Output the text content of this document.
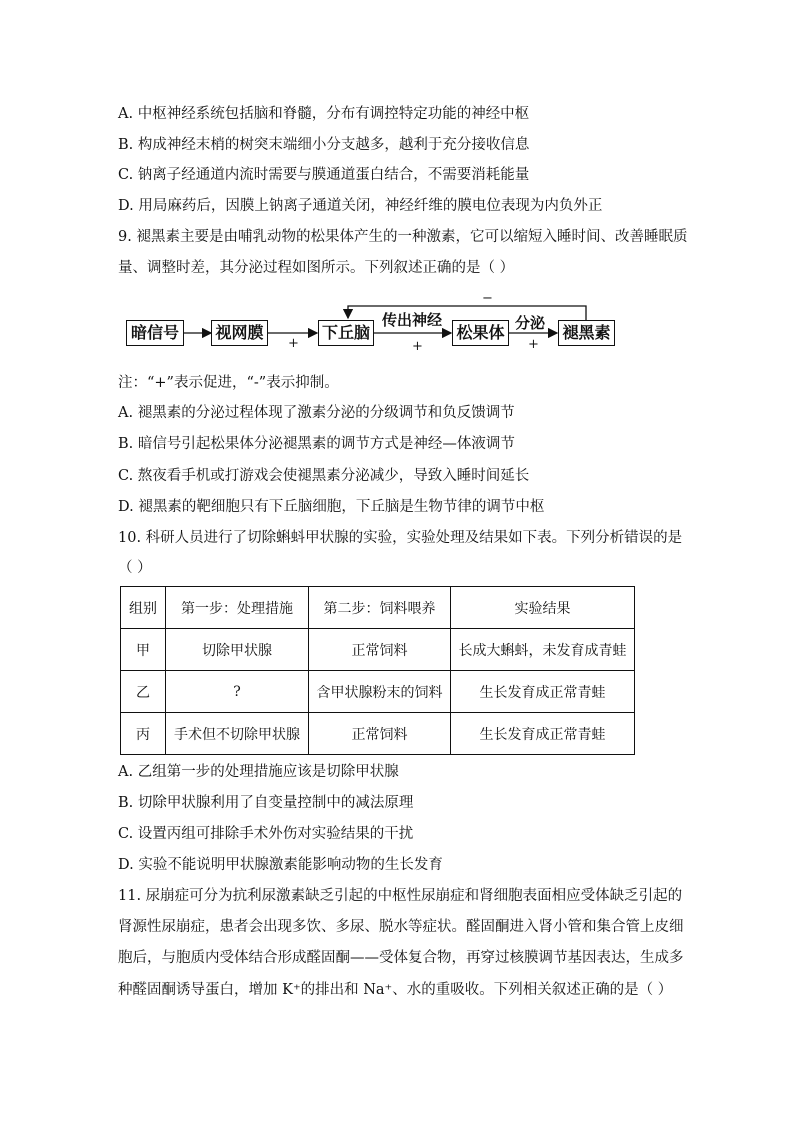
A. 中枢神经系统包括脑和脊髓，分布有调控特定功能的神经中枢
B. 构成神经末梢的树突末端细小分支越多，越利于充分接收信息
C. 钠离子经通道内流时需要与膜通道蛋白结合，不需要消耗能量
D. 用局麻药后，因膜上钠离子通道关闭，神经纤维的膜电位表现为内负外正
9. 褪黑素主要是由哺乳动物的松果体产生的一种激素，它可以缩短入睡时间、改善睡眠质
量、调整时差，其分泌过程如图所示。下列叙述正确的是（ ）
暗信号	视网膜	下丘脑	松果体	褪黑素
传出神经	分泌
+	+	+
−
注：“+”表示促进，“-”表示抑制。
A. 褪黑素的分泌过程体现了激素分泌的分级调节和负反馈调节
B. 暗信号引起松果体分泌褪黑素的调节方式是神经—体液调节
C. 熬夜看手机或打游戏会使褪黑素分泌减少，导致入睡时间延长
D. 褪黑素的靶细胞只有下丘脑细胞，下丘脑是生物节律的调节中枢
10. 科研人员进行了切除蝌蚪甲状腺的实验，实验处理及结果如下表。下列分析错误的是
（ ）
组别	第一步：处理措施	第二步：饲料喂养	实验结果
甲	切除甲状腺	正常饲料	长成大蝌蚪，未发育成青蛙
乙	?	含甲状腺粉末的饲料	生长发育成正常青蛙
丙	手术但不切除甲状腺	正常饲料	生长发育成正常青蛙
A. 乙组第一步的处理措施应该是切除甲状腺
B. 切除甲状腺利用了自变量控制中的减法原理
C. 设置丙组可排除手术外伤对实验结果的干扰
D. 实验不能说明甲状腺激素能影响动物的生长发育
11. 尿崩症可分为抗利尿激素缺乏引起的中枢性尿崩症和肾细胞表面相应受体缺乏引起的
肾源性尿崩症，患者会出现多饮、多尿、脱水等症状。醛固酮进入肾小管和集合管上皮细
胞后，与胞质内受体结合形成醛固酮——受体复合物，再穿过核膜调节基因表达，生成多
种醛固酮诱导蛋白，增加 K⁺的排出和 Na⁺、水的重吸收。下列相关叙述正确的是（ ）
